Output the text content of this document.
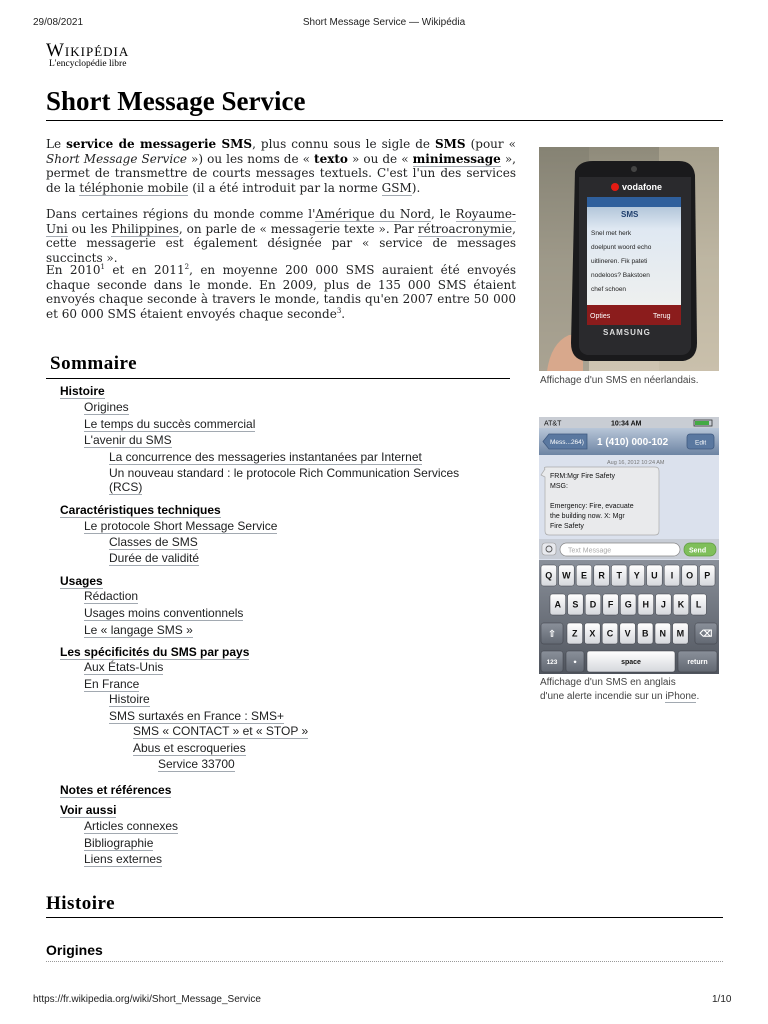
29/08/2021	Short Message Service — Wikipédia
Wikipédia
L'encyclopédie libre
Short Message Service
Le service de messagerie SMS, plus connu sous le sigle de SMS (pour « Short Message Service ») ou les noms de « texto » ou de « minimessage », permet de transmettre de courts messages textuels. C'est l'un des services de la téléphonie mobile (il a été introduit par la norme GSM).
Dans certaines régions du monde comme l'Amérique du Nord, le Royaume-Uni ou les Philippines, on parle de « messagerie texte ». Par rétroacronymie, cette messagerie est également désignée par « service de messages succincts ».
En 2010$^1$ et en 2011$^2$, en moyenne 200 000 SMS auraient été envoyés chaque seconde dans le monde. En 2009, plus de 135 000 SMS étaient envoyés chaque seconde à travers le monde, tandis qu'en 2007 entre 50 000 et 60 000 SMS étaient envoyés chaque seconde$^3$.
Sommaire
Histoire
Origines
Le temps du succès commercial
L'avenir du SMS
La concurrence des messageries instantanées par Internet
Un nouveau standard : le protocole Rich Communication Services
(RCS)
Caractéristiques techniques
Le protocole Short Message Service
Classes de SMS
Durée de validité
Usages
Rédaction
Usages moins conventionnels
Le « langage SMS »
Les spécificités du SMS par pays
Aux États-Unis
En France
Histoire
SMS surtaxés en France : SMS+
SMS « CONTACT » et « STOP »
Abus et escroqueries
Service 33700
Notes et références
Voir aussi
Articles connexes
Bibliographie
Liens externes
vodafone
SMS
Snel met herk
doelpunt woord echo
uitlineren. Fik pateti
nodeloos? Bakstoen
chef schoen
Opties	Terug
SAMSUNG
Affichage d'un SMS en néerlandais.
AT&T	10:34 AM
Mess...264) 1 (410) 000-102	Edit
Aug 16, 2012 10:24 AM
FRM:Mgr Fire Safety
MSG:
Emergency: Fire, evacuate
the building now. X: Mgr
Fire Safety
Text Message	Send
Q W E R T Y U I O P
A S D F G H J K L
⇧ Z X C V B N M ⌫
123	●	space	return
Affichage d'un SMS en anglais
d'une alerte incendie sur un iPhone.
Histoire
Origines
https://fr.wikipedia.org/wiki/Short_Message_Service	1/10
